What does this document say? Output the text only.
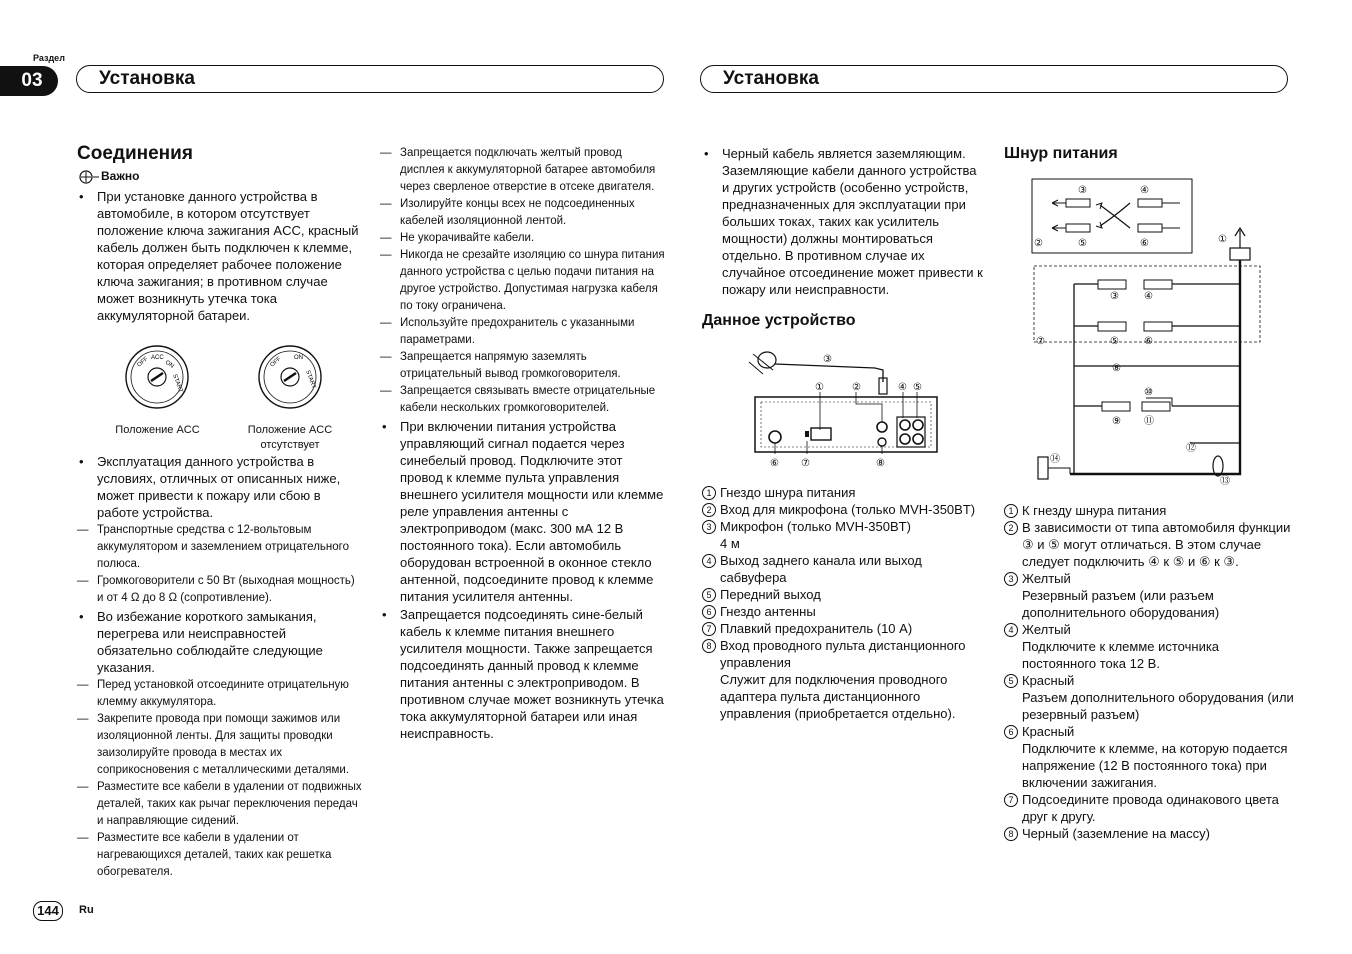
Раздел
03	Установка	Установка
Соединения
Важно
• При установке данного устройства в автомобиле, в котором отсутствует положение ключа зажигания ACC, красный кабель должен быть подключен к клемме, которая определяет рабочее положение ключа зажигания; в противном случае может возникнуть утечка тока аккумуляторной батареи.
OFF ACC
ON
START
OFF ON
START
Положение ACC	Положение ACC отсутствует
• Эксплуатация данного устройства в условиях, отличных от описанных ниже, может привести к пожару или сбою в работе устройства.
— Транспортные средства с 12-вольтовым аккумулятором и заземлением отрицательного полюса.
— Громкоговорители с 50 Вт (выходная мощность) и от 4 Ω до 8 Ω (сопротивление).
• Во избежание короткого замыкания, перегрева или неисправностей обязательно соблюдайте следующие указания.
— Перед установкой отсоедините отрицательную клемму аккумулятора.
— Закрепите провода при помощи зажимов или изоляционной ленты. Для защиты проводки заизолируйте провода в местах их соприкосновения с металлическими деталями.
— Разместите все кабели в удалении от подвижных деталей, таких как рычаг переключения передач и направляющие сидений.
— Разместите все кабели в удалении от нагревающихся деталей, таких как решетка обогревателя.
— Запрещается подключать желтый провод дисплея к аккумуляторной батарее автомобиля через сверленое отверстие в отсеке двигателя.
— Изолируйте концы всех не подсоединенных кабелей изоляционной лентой.
— Не укорачивайте кабели.
— Никогда не срезайте изоляцию со шнура питания данного устройства с целью подачи питания на другое устройство. Допустимая нагрузка кабеля по току ограничена.
— Используйте предохранитель с указанными параметрами.
— Запрещается напрямую заземлять отрицательный вывод громкоговорителя.
— Запрещается связывать вместе отрицательные кабели нескольких громкоговорителей.
• При включении питания устройства управляющий сигнал подается через синебелый провод. Подключите этот провод к клемме пульта управления внешнего усилителя мощности или клемме реле управления антенны с электроприводом (макс. 300 мА 12 В постоянного тока). Если автомобиль оборудован встроенной в оконное стекло антенной, подсоедините провод к клемме питания усилителя антенны.
• Запрещается подсоединять сине-белый кабель к клемме питания внешнего усилителя мощности. Также запрещается подсоединять данный провод к клемме питания антенны с электроприводом. В противном случае может возникнуть утечка тока аккумуляторной батареи или иная неисправность.
• Черный кабель является заземляющим. Заземляющие кабели данного устройства и других устройств (особенно устройств, предназначенных для эксплуатации при больших токах, таких как усилитель мощности) должны монтироваться отдельно. В противном случае их случайное отсоединение может привести к пожару или неисправности.
Данное устройство
③
①	②	④ ⑤
⑥ ⑦	⑧
1 Гнездо шнура питания
2 Вход для микрофона (только MVH-350BT)
3 Микрофон (только MVH-350BT)
4 м
4 Выход заднего канала или выход сабвуфера
5 Передний выход
6 Гнездо антенны
7 Плавкий предохранитель (10 A)
8 Вход проводного пульта дистанционного управления
Служит для подключения проводного адаптера пульта дистанционного управления (приобретается отдельно).
Шнур питания
③	④
②	⑤	⑥	①
⑦
③	④
⑤	⑥
⑧
⑩
⑨ ⑪
⑫
⑬
⑭
1 К гнезду шнура питания
2 В зависимости от типа автомобиля функции ③ и ⑤ могут отличаться. В этом случае следует подключить ④ к ⑤ и ⑥ к ③.
3 Желтый
Резервный разъем (или разъем дополнительного оборудования)
4 Желтый
Подключите к клемме источника постоянного тока 12 В.
5 Красный
Разъем дополнительного оборудования (или резервный разъем)
6 Красный
Подключите к клемме, на которую подается напряжение (12 В постоянного тока) при включении зажигания.
7 Подсоедините провода одинакового цвета друг к другу.
8 Черный (заземление на массу)
144	Ru
